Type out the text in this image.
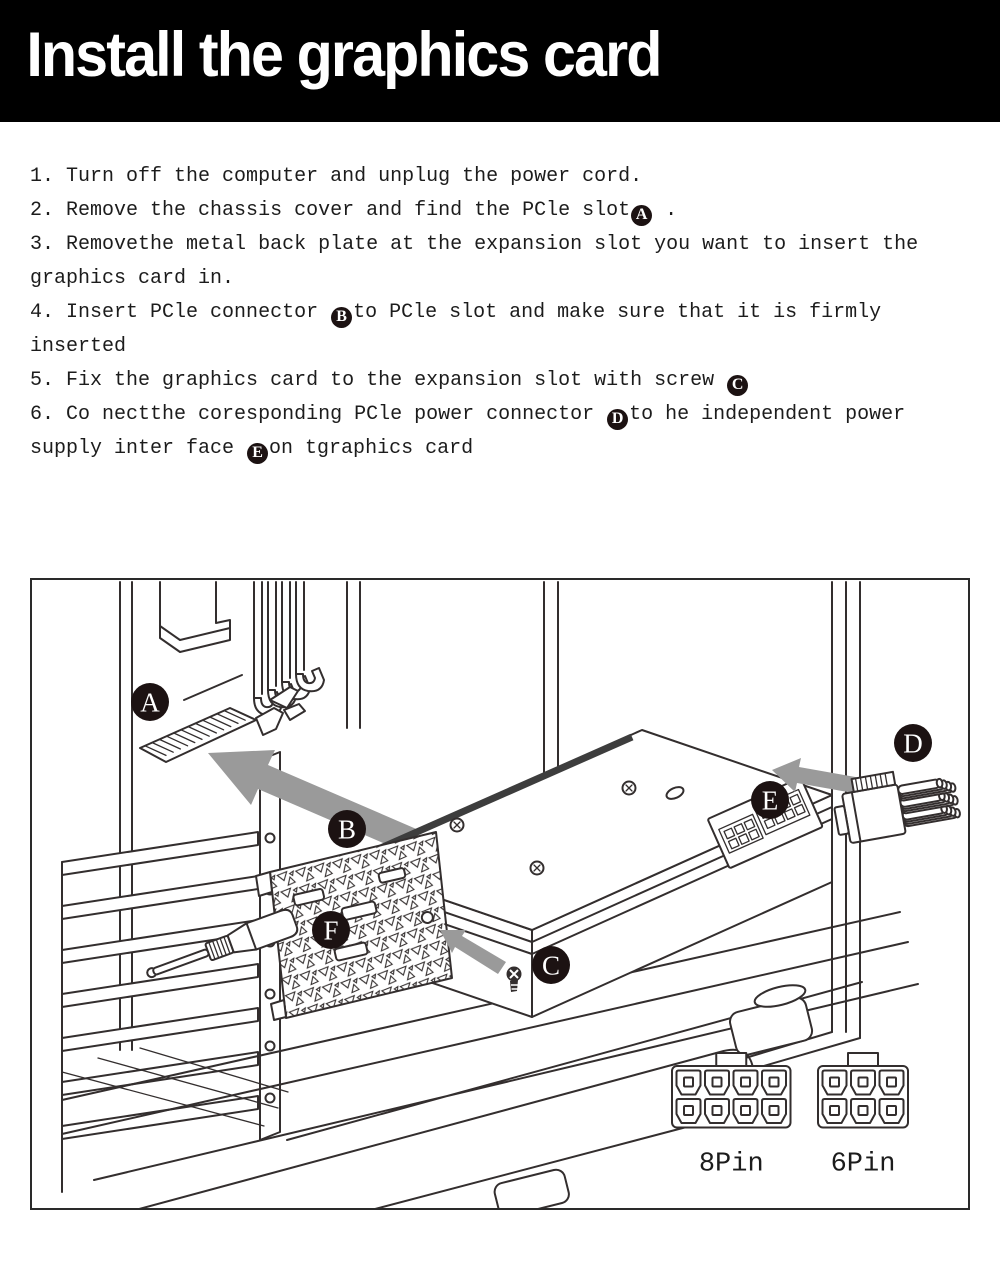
Install the graphics card

1. Turn off the computer and unplug the power cord.

2. Remove the chassis cover and find the PCle slot A .

3. Removethe metal back plate at the expansion slot you want to insert the graphics card in.

4. Insert PCle connector B to PCle slot and make sure that it is firmly inserted

5. Fix the graphics card to the expansion slot with screw C

6. Co nectthe coresponding PCle power connector D to he independent power supply inter face E on tgraphics card

8Pin 6Pin
A
B
C
D
E
F
